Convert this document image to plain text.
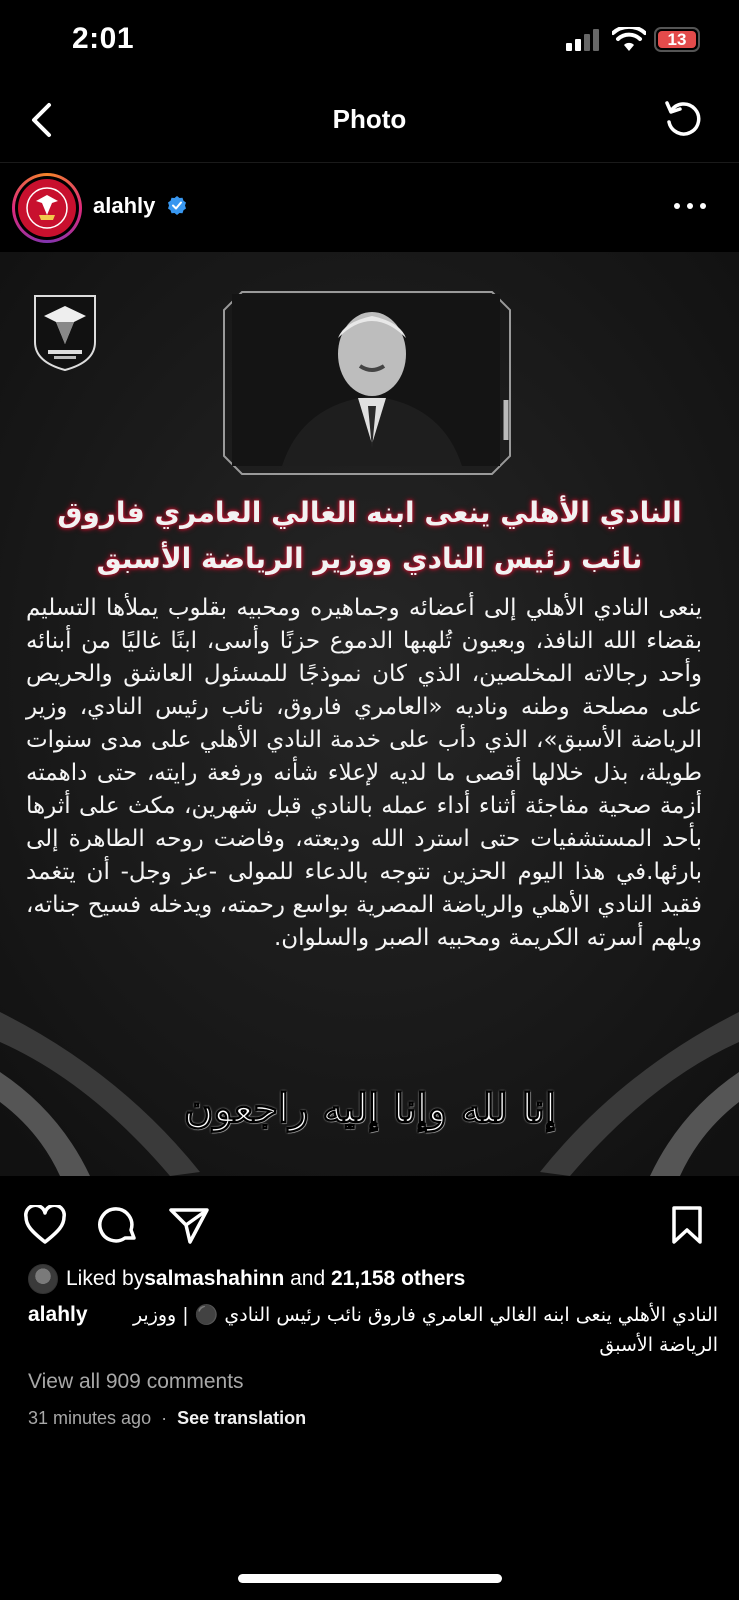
2:01	13
Photo
alahly
النادي الأهلي ينعى ابنه الغالي العامري فاروق
نائب رئيس النادي ووزير الرياضة الأسبق
ينعى النادي الأهلي إلى أعضائه وجماهيره ومحبيه بقلوب يملأها التسليم بقضاء الله النافذ، وبعيون تُلهبها الدموع حزنًا وأسى، ابنًا غاليًا من أبنائه وأحد رجالاته المخلصين، الذي كان نموذجًا للمسئول العاشق والحريص على مصلحة وطنه وناديه «العامري فاروق، نائب رئيس النادي، وزير الرياضة الأسبق»، الذي دأب على خدمة النادي الأهلي على مدى سنوات طويلة، بذل خلالها أقصى ما لديه لإعلاء شأنه ورفعة رايته، حتى داهمته أزمة صحية مفاجئة أثناء أداء عمله بالنادي قبل شهرين، مكث على أثرها بأحد المستشفيات حتى استرد الله وديعته، وفاضت روحه الطاهرة إلى بارئها.في هذا اليوم الحزين نتوجه بالدعاء للمولى -عز وجل- أن يتغمد فقيد النادي الأهلي والرياضة المصرية بواسع رحمته، ويدخله فسيح جناته، ويلهم أسرته الكريمة ومحبيه الصبر والسلوان.
إنا لله وإنا إليه راجعون
Liked by salmashahinn and 21,158 others
alahly	النادي الأهلي ينعى ابنه الغالي العامري فاروق نائب رئيس النادي ⚫️ | ووزير الرياضة الأسبق
View all 909 comments
31 minutes ago · See translation
